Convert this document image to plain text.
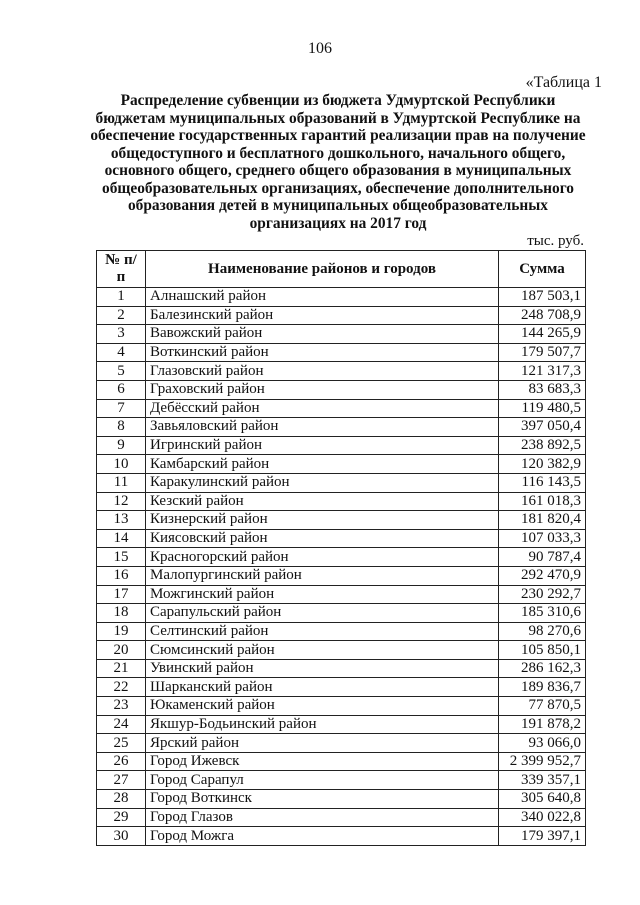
106
«Таблица 1
Распределение субвенции из бюджета Удмуртской Республики
бюджетам муниципальных образований в Удмуртской Республике на
обеспечение государственных гарантий реализации прав на получение
общедоступного и бесплатного дошкольного, начального общего,
основного общего, среднего общего образования в муниципальных
общеобразовательных организациях, обеспечение дополнительного
образования детей в муниципальных общеобразовательных
организациях на 2017 год
тыс. руб.
№ п/п	Наименование районов и городов	Сумма
1	Алнашский район	187 503,1
2	Балезинский район	248 708,9
3	Вавожский район	144 265,9
4	Воткинский район	179 507,7
5	Глазовский район	121 317,3
6	Граховский район	83 683,3
7	Дебёсский район	119 480,5
8	Завьяловский район	397 050,4
9	Игринский район	238 892,5
10	Камбарский район	120 382,9
11	Каракулинский район	116 143,5
12	Кезский район	161 018,3
13	Кизнерский район	181 820,4
14	Киясовский район	107 033,3
15	Красногорский район	90 787,4
16	Малопургинский район	292 470,9
17	Можгинский район	230 292,7
18	Сарапульский район	185 310,6
19	Селтинский район	98 270,6
20	Сюмсинский район	105 850,1
21	Увинский район	286 162,3
22	Шарканский район	189 836,7
23	Юкаменский район	77 870,5
24	Якшур-Бодьинский район	191 878,2
25	Ярский район	93 066,0
26	Город Ижевск	2 399 952,7
27	Город Сарапул	339 357,1
28	Город Воткинск	305 640,8
29	Город Глазов	340 022,8
30	Город Можга	179 397,1
